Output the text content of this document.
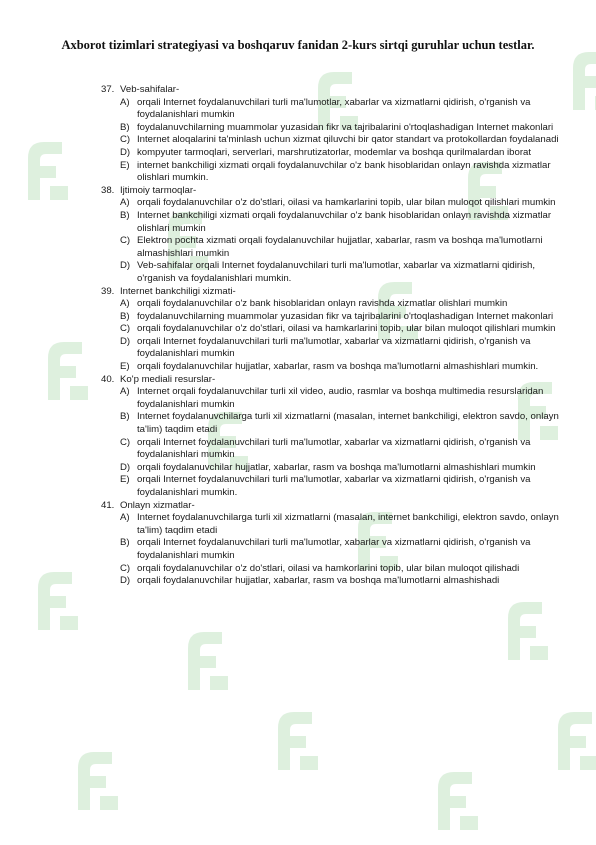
Axborot tizimlari strategiyasi va boshqaruv fanidan 2-kurs sirtqi guruhlar uchun testlar.
37. Veb-sahifalar-
A) orqali Internet foydalanuvchilari turli ma'lumotlar, xabarlar va xizmatlarni qidirish, o'rganish va foydalanishlari mumkin
B) foydalanuvchilarning muammolar yuzasidan fikr va tajribalarini o'rtoqlashadigan Internet makonlari
C) Internet aloqalarini ta'minlash uchun xizmat qiluvchi bir qator standart va protokollardan foydalanadi
D) kompyuter tarmoqlari, serverlari, marshrutizatorlar, modemlar va boshqa qurilmalardan iborat
E) internet bankchiligi xizmati orqali foydalanuvchilar o'z bank hisoblaridan onlayn ravishda xizmatlar olishlari mumkin.
38. Ijtimoiy tarmoqlar-
A) orqali foydalanuvchilar o'z do'stlari, oilasi va hamkarlarini topib, ular bilan muloqot qilishlari mumkin
B) Internet bankchiligi xizmati orqali foydalanuvchilar o'z bank hisoblaridan onlayn ravishda xizmatlar olishlari mumkin
C) Elektron pochta xizmati orqali foydalanuvchilar hujjatlar, xabarlar, rasm va boshqa ma'lumotlarni almashishlari mumkin
D) Veb-sahifalar orqali Internet foydalanuvchilari turli ma'lumotlar, xabarlar va xizmatlarni qidirish, o'rganish va foydalanishlari mumkin.
39. Internet bankchiligi xizmati-
A) orqali foydalanuvchilar o'z bank hisoblaridan onlayn ravishda xizmatlar olishlari mumkin
B) foydalanuvchilarning muammolar yuzasidan fikr va tajribalarini o'rtoqlashadigan Internet makonlari
C) orqali foydalanuvchilar o'z do'stlari, oilasi va hamkarlarini topib, ular bilan muloqot qilishlari mumkin
D) orqali Internet foydalanuvchilari turli ma'lumotlar, xabarlar va xizmatlarni qidirish, o'rganish va foydalanishlari mumkin
E) orqali foydalanuvchilar hujjatlar, xabarlar, rasm va boshqa ma'lumotlarni almashishlari mumkin.
40. Ko'p mediali resurslar-
A) Internet orqali foydalanuvchilar turli xil video, audio, rasmlar va boshqa multimedia resurslaridan foydalanishlari mumkin
B) Internet foydalanuvchilarga turli xil xizmatlarni (masalan, internet bankchiligi, elektron savdo, onlayn ta'lim) taqdim etadi
C) orqali Internet foydalanuvchilari turli ma'lumotlar, xabarlar va xizmatlarni qidirish, o'rganish va foydalanishlari mumkin
D) orqali foydalanuvchilar hujjatlar, xabarlar, rasm va boshqa ma'lumotlarni almashishlari mumkin
E) orqali Internet foydalanuvchilari turli ma'lumotlar, xabarlar va xizmatlarni qidirish, o'rganish va foydalanishlari mumkin.
41. Onlayn xizmatlar-
A) Internet foydalanuvchilarga turli xil xizmatlarni (masalan, internet bankchiligi, elektron savdo, onlayn ta'lim) taqdim etadi
B) orqali Internet foydalanuvchilari turli ma'lumotlar, xabarlar va xizmatlarni qidirish, o'rganish va foydalanishlari mumkin
C) orqali foydalanuvchilar o'z do'stlari, oilasi va hamkorlarini topib, ular bilan muloqot qilishadi
D) orqali foydalanuvchilar hujjatlar, xabarlar, rasm va boshqa ma'lumotlarni almashishadi
